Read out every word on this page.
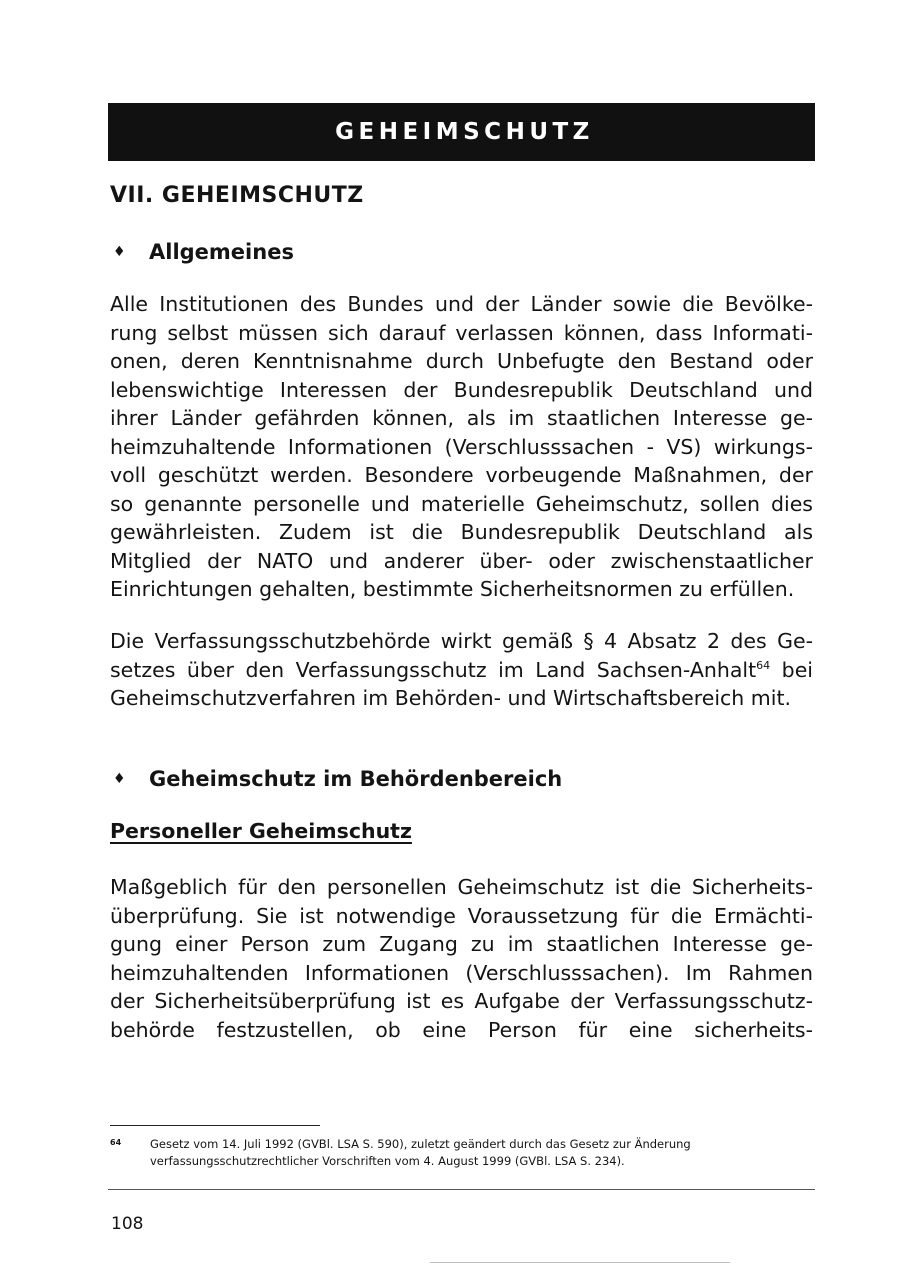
GEHEIMSCHUTZ
VII. GEHEIMSCHUTZ
♦	Allgemeines

Alle Institutionen des Bundes und der Länder sowie die Bevölke-
rung selbst müssen sich darauf verlassen können, dass Informati-
onen, deren Kenntnisnahme durch Unbefugte den Bestand oder
lebenswichtige Interessen der Bundesrepublik Deutschland und
ihrer Länder gefährden können, als im staatlichen Interesse ge-
heimzuhaltende Informationen (Verschlusssachen - VS) wirkungs-
voll geschützt werden. Besondere vorbeugende Maßnahmen, der
so genannte personelle und materielle Geheimschutz, sollen dies
gewährleisten. Zudem ist die Bundesrepublik Deutschland als
Mitglied der NATO und anderer über- oder zwischenstaatlicher
Einrichtungen gehalten, bestimmte Sicherheitsnormen zu erfüllen.

Die Verfassungsschutzbehörde wirkt gemäß § 4 Absatz 2 des Ge-
setzes über den Verfassungsschutz im Land Sachsen-Anhalt$^{64}$ bei
Geheimschutzverfahren im Behörden- und Wirtschaftsbereich mit.

♦	Geheimschutz im Behördenbereich
Personeller Geheimschutz

Maßgeblich für den personellen Geheimschutz ist die Sicherheits-
überprüfung. Sie ist notwendige Voraussetzung für die Ermächti-
gung einer Person zum Zugang zu im staatlichen Interesse ge-
heimzuhaltenden Informationen (Verschlusssachen). Im Rahmen
der Sicherheitsüberprüfung ist es Aufgabe der Verfassungsschutz-
behörde festzustellen, ob eine Person für eine sicherheits-

64	Gesetz vom 14. Juli 1992 (GVBl. LSA S. 590), zuletzt geändert durch das Gesetz zur Änderung
verfassungsschutzrechtlicher Vorschriften vom 4. August 1999 (GVBl. LSA S. 234).

108
